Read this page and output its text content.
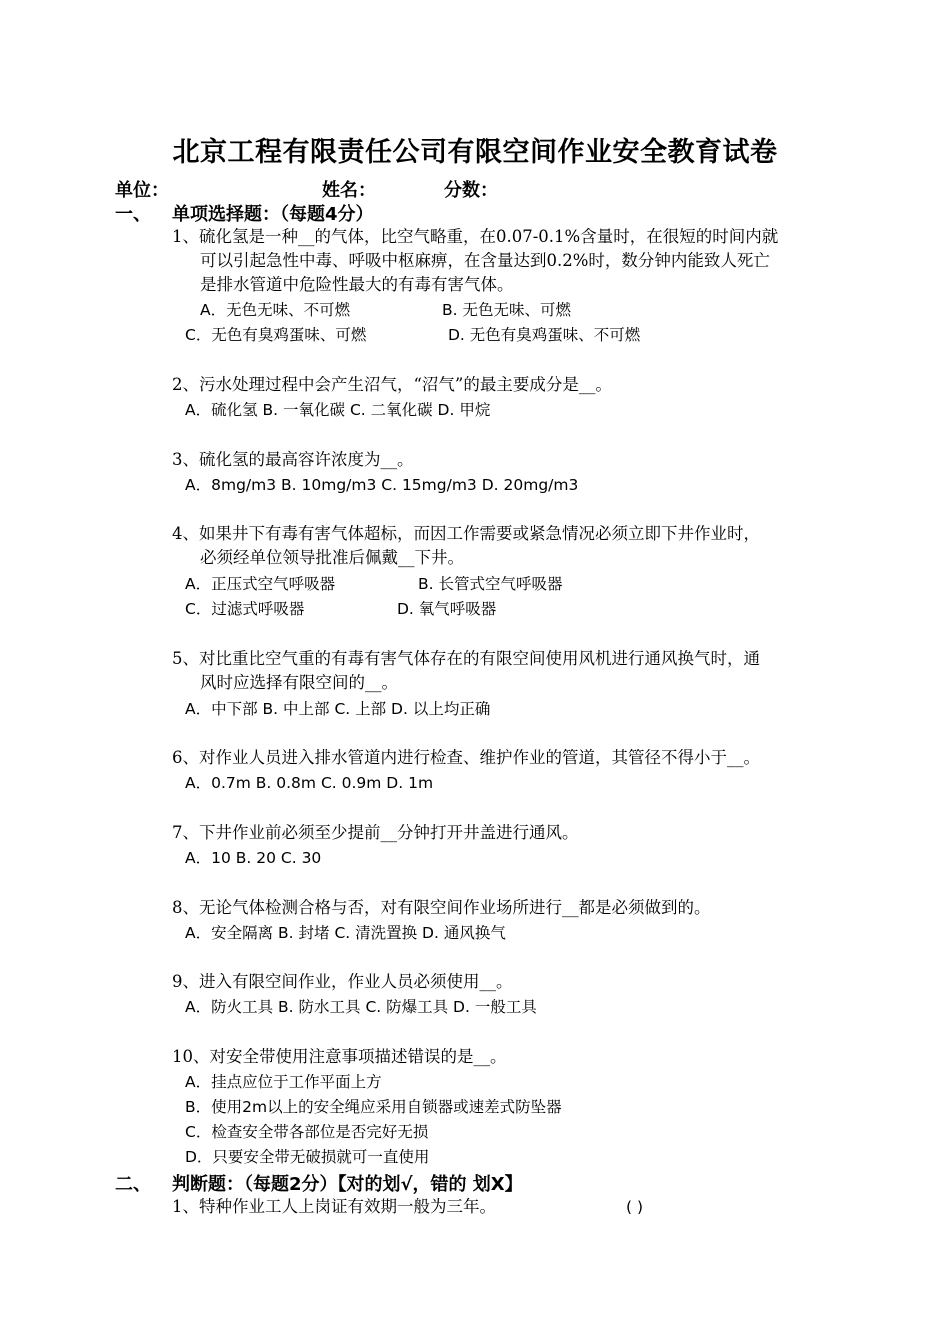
北京工程有限责任公司有限空间作业安全教育试卷
单位：	姓名：	分数：
一、 单项选择题：（每题4分）
1、硫化氢是一种__的气体，比空气略重，在0.07-0.1%含量时，在很短的时间内就
可以引起急性中毒、呼吸中枢麻痹，在含量达到0.2%时，数分钟内能致人死亡
是排水管道中危险性最大的有毒有害气体。
A．无色无味、不可燃	B. 无色无味、可燃
C．无色有臭鸡蛋味、可燃	D. 无色有臭鸡蛋味、不可燃
2、污水处理过程中会产生沼气，“沼气”的最主要成分是__。
A．硫化氢 B. 一氧化碳 C. 二氧化碳 D. 甲烷
3、硫化氢的最高容许浓度为__。
A．8mg/m3 B. 10mg/m3 C. 15mg/m3 D. 20mg/m3
4、如果井下有毒有害气体超标，而因工作需要或紧急情况必须立即下井作业时，
必须经单位领导批准后佩戴__下井。
A．正压式空气呼吸器	B. 长管式空气呼吸器
C．过滤式呼吸器	D. 氧气呼吸器
5、对比重比空气重的有毒有害气体存在的有限空间使用风机进行通风换气时，通
风时应选择有限空间的__。
A．中下部 B. 中上部 C. 上部 D. 以上均正确
6、对作业人员进入排水管道内进行检查、维护作业的管道，其管径不得小于__。
A．0.7m B. 0.8m C. 0.9m D. 1m
7、下井作业前必须至少提前__分钟打开井盖进行通风。
A．10 B. 20 C. 30
8、无论气体检测合格与否，对有限空间作业场所进行__都是必须做到的。
A．安全隔离 B. 封堵 C. 清洗置换 D. 通风换气
9、进入有限空间作业，作业人员必须使用__。
A．防火工具 B. 防水工具 C. 防爆工具 D. 一般工具
10、对安全带使用注意事项描述错误的是__。
A．挂点应位于工作平面上方
B．使用2m以上的安全绳应采用自锁器或速差式防坠器
C．检查安全带各部位是否完好无损
D．只要安全带无破损就可一直使用
二、 判断题：（每题2分）【对的划√，错的 划X】
1、特种作业工人上岗证有效期一般为三年。	( )
